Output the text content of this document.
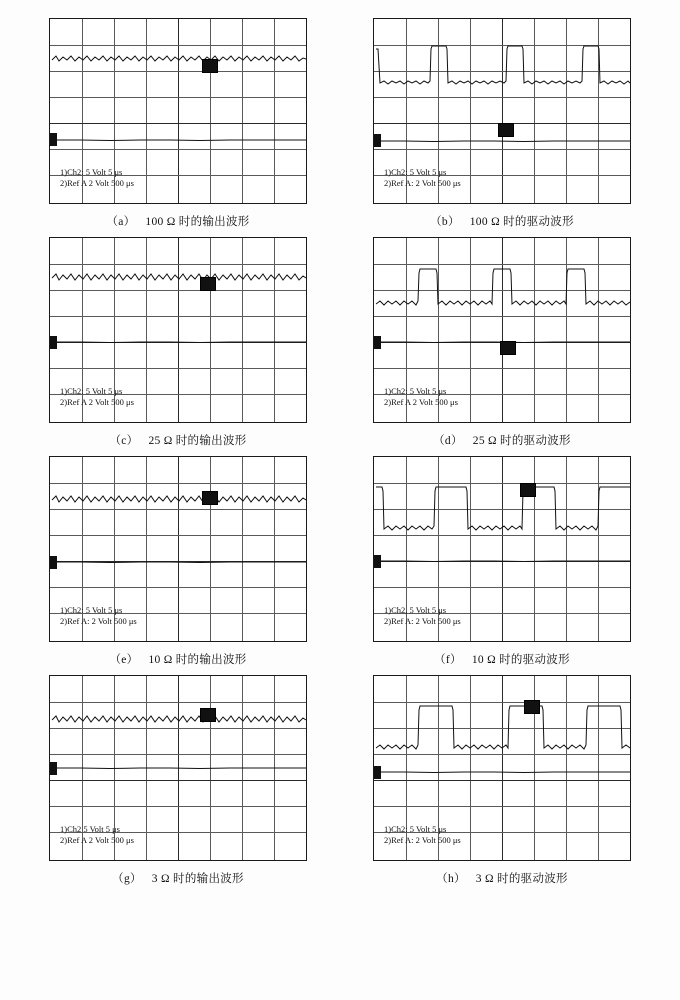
1)Ch2: 5 Volt 5 μs
2)Ref A 2 Volt 500 μs
（a） 100 Ω 时的输出波形
1)Ch2: 5 Volt 5 μs
2)Ref A: 2 Volt 500 μs
（b） 100 Ω 时的驱动波形
1)Ch2: 5 Volt 5 μs
2)Ref A 2 Volt 500 μs
（c） 25 Ω 时的输出波形
1)Ch2: 5 Volt 5 μs
2)Ref A 2 Volt 500 μs
（d） 25 Ω 时的驱动波形
1)Ch2: 5 Volt 5 μs
2)Ref A: 2 Volt 500 μs
（e） 10 Ω 时的输出波形
1)Ch2, 5 Volt 5 μs
2)Ref A: 2 Volt 500 μs
（f） 10 Ω 时的驱动波形
1)Ch2 5 Volt 5 μs
2)Ref A 2 Volt 500 μs
（g） 3 Ω 时的输出波形
1)Ch2: 5 Volt 5 μs
2)Ref A: 2 Volt 500 μs
（h） 3 Ω 时的驱动波形
